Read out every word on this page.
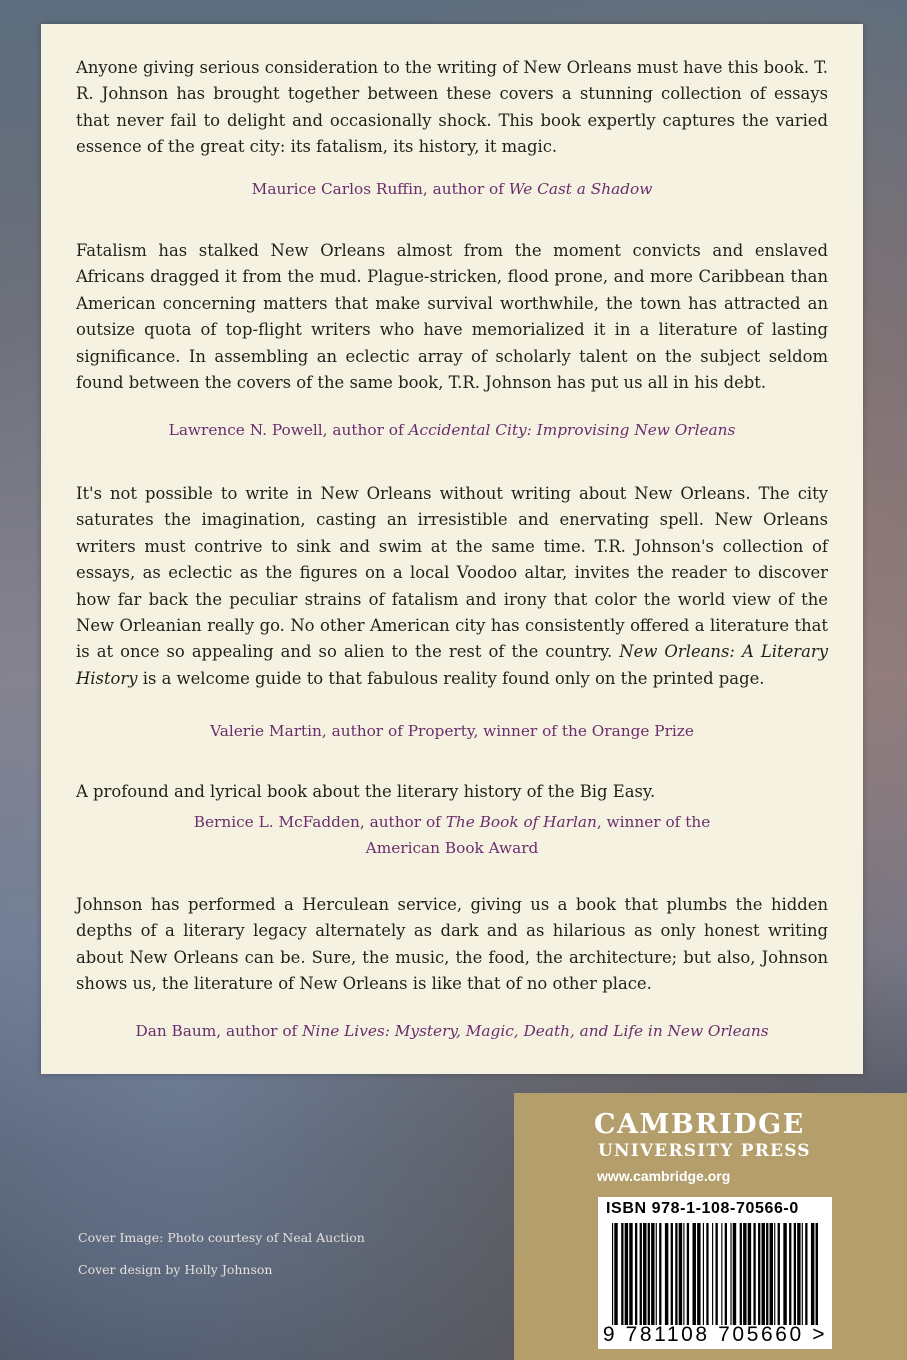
Anyone giving serious consideration to the writing of New Orleans must have this book. T. R. Johnson has brought together between these covers a stunning collection of essays that never fail to delight and occasionally shock. This book expertly captures the varied essence of the great city: its fatalism, its history, it magic.

Maurice Carlos Ruffin, author of We Cast a Shadow

Fatalism has stalked New Orleans almost from the moment convicts and enslaved Africans dragged it from the mud. Plague-stricken, flood prone, and more Caribbean than American concerning matters that make survival worthwhile, the town has attracted an outsize quota of top-flight writers who have memorialized it in a literature of lasting significance. In assembling an eclectic array of scholarly talent on the subject seldom found between the covers of the same book, T.R. Johnson has put us all in his debt.

Lawrence N. Powell, author of Accidental City: Improvising New Orleans

It's not possible to write in New Orleans without writing about New Orleans. The city saturates the imagination, casting an irresistible and enervating spell. New Orleans writers must contrive to sink and swim at the same time. T.R. Johnson's collection of essays, as eclectic as the figures on a local Voodoo altar, invites the reader to discover how far back the peculiar strains of fatalism and irony that color the world view of the New Orleanian really go. No other American city has consistently offered a literature that is at once so appealing and so alien to the rest of the country. New Orleans: A Literary History is a welcome guide to that fabulous reality found only on the printed page.

Valerie Martin, author of Property, winner of the Orange Prize

A profound and lyrical book about the literary history of the Big Easy.

Bernice L. McFadden, author of The Book of Harlan, winner of the
American Book Award

Johnson has performed a Herculean service, giving us a book that plumbs the hidden depths of a literary legacy alternately as dark and as hilarious as only honest writing about New Orleans can be. Sure, the music, the food, the architecture; but also, Johnson shows us, the literature of New Orleans is like that of no other place.

Dan Baum, author of Nine Lives: Mystery, Magic, Death, and Life in New Orleans
Cover Image: Photo courtesy of Neal Auction
Cover design by Holly Johnson
CAMBRIDGE
UNIVERSITY PRESS
www.cambridge.org
ISBN 978-1-108-70566-0
9 781108 705660 >
